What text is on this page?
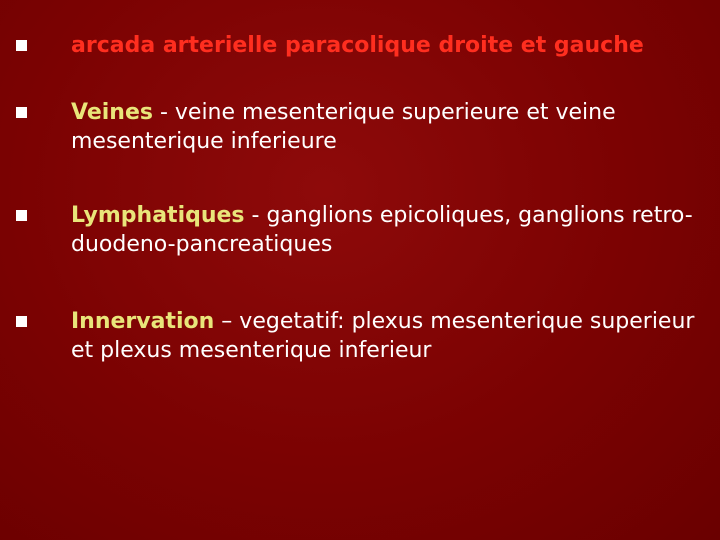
arcada arterielle paracolique droite et gauche
Veines - veine mesenterique superieure et veine mesenterique inferieure
Lymphatiques - ganglions epicoliques, ganglions retro-duodeno-pancreatiques
Innervation – vegetatif: plexus mesenterique superieur et plexus mesenterique inferieur
